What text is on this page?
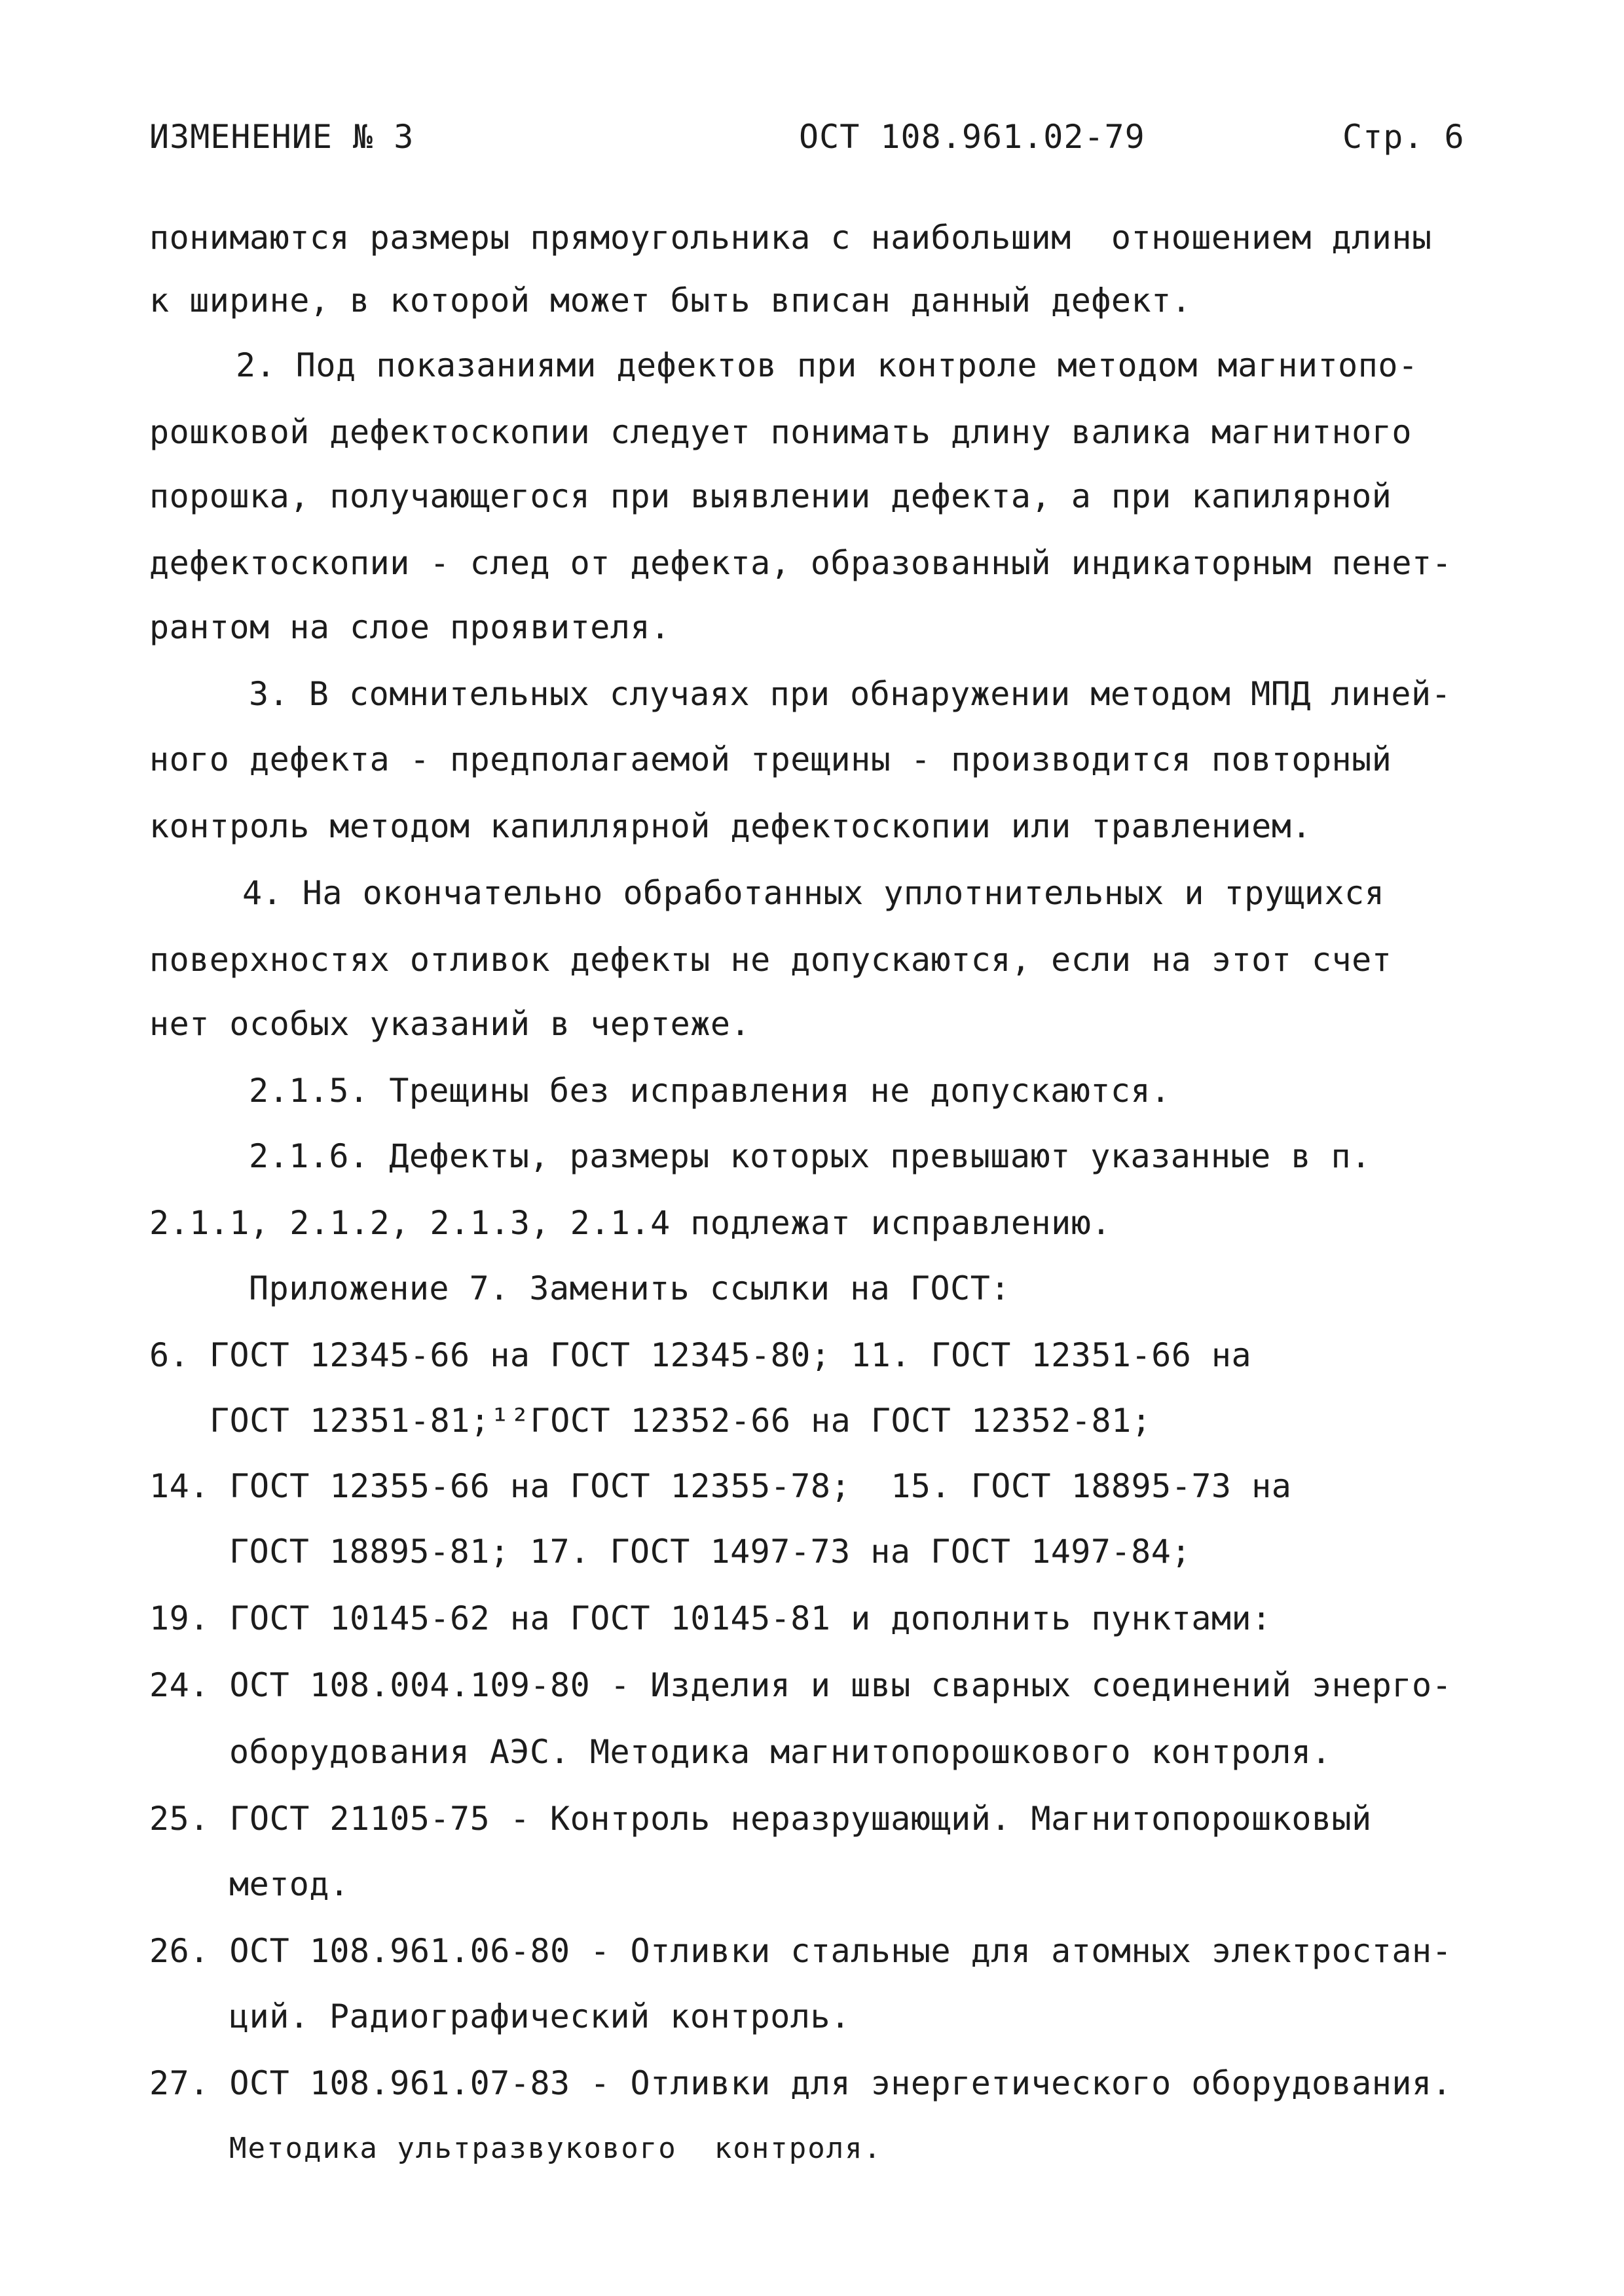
ИЗМЕНЕНИЕ № 3	ОСТ 108.961.02-79	Стр. 6
понимаются размеры прямоугольника с наибольшим  отношением длины
к ширине, в которой может быть вписан данный дефект.
2. Под показаниями дефектов при контроле методом магнитопо-
рошковой дефектоскопии следует понимать длину валика магнитного
порошка, получающегося при выявлении дефекта, а при капилярной
дефектоскопии - след от дефекта, образованный индикаторным пенет-
рантом на слое проявителя.
3. В сомнительных случаях при обнаружении методом МПД линей-
ного дефекта - предполагаемой трещины - производится повторный
контроль методом капиллярной дефектоскопии или травлением.
4. На окончательно обработанных уплотнительных и трущихся
поверхностях отливок дефекты не допускаются, если на этот счет
нет особых указаний в чертеже.
2.1.5. Трещины без исправления не допускаются.
2.1.6. Дефекты, размеры которых превышают указанные в п.
2.1.1, 2.1.2, 2.1.3, 2.1.4 подлежат исправлению.
Приложение 7. Заменить ссылки на ГОСТ:
6. ГОСТ 12345-66 на ГОСТ 12345-80; 11. ГОСТ 12351-66 на
ГОСТ 12351-81;¹²ГОСТ 12352-66 на ГОСТ 12352-81;
14. ГОСТ 12355-66 на ГОСТ 12355-78;  15. ГОСТ 18895-73 на
ГОСТ 18895-81; 17. ГОСТ 1497-73 на ГОСТ 1497-84;
19. ГОСТ 10145-62 на ГОСТ 10145-81 и дополнить пунктами:
24. ОСТ 108.004.109-80 - Изделия и швы сварных соединений энерго-
оборудования АЭС. Методика магнитопорошкового контроля.
25. ГОСТ 21105-75 - Контроль неразрушающий. Магнитопорошковый
метод.
26. ОСТ 108.961.06-80 - Отливки стальные для атомных электростан-
ций. Радиографический контроль.
27. ОСТ 108.961.07-83 - Отливки для энергетического оборудования.
Методика ультразвукового  контроля.
